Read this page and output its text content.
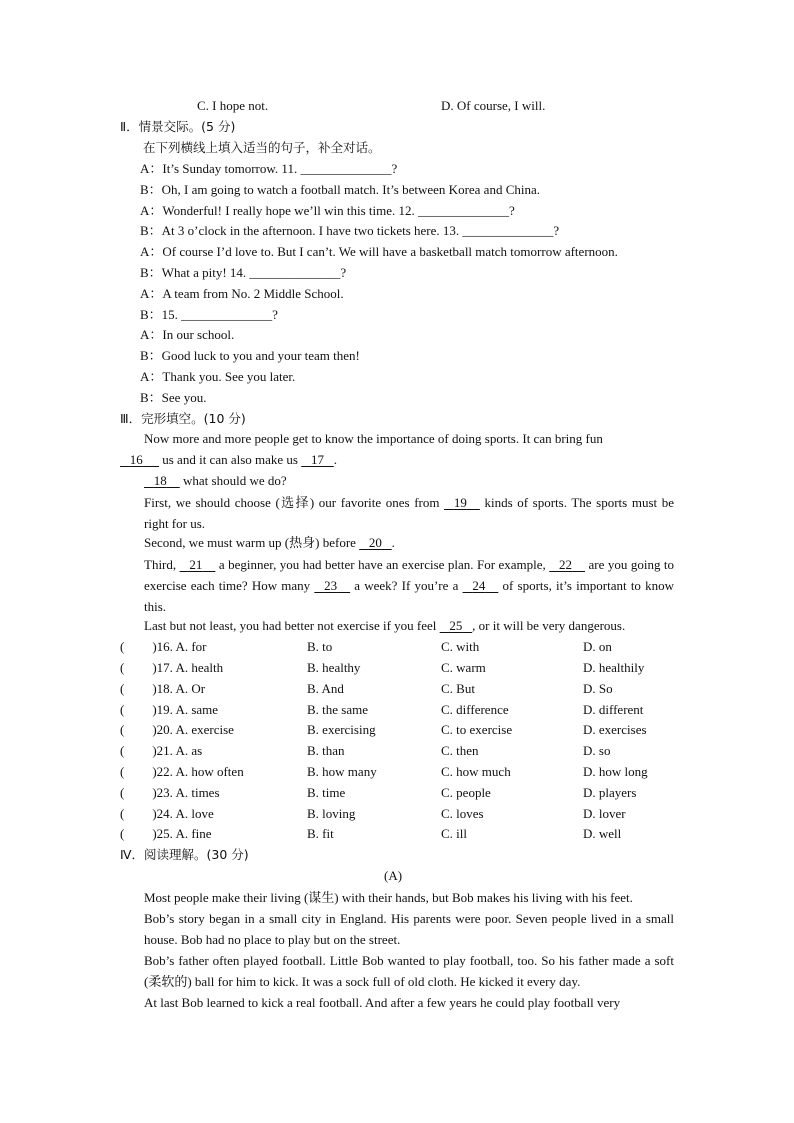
C. I hope not.	D. Of course, I will.
Ⅱ．情景交际。(5 分)
在下列横线上填入适当的句子，补全对话。
A：It’s Sunday tomorrow. 11. ______________?
B：Oh, I am going to watch a football match. It’s between Korea and China.
A：Wonderful! I really hope we’ll win this time. 12. ______________?
B：At 3 o’clock in the afternoon. I have two tickets here. 13. ______________?
A：Of course I’d love to. But I can’t. We will have a basketball match tomorrow afternoon.
B：What a pity! 14. ______________?
A：A team from No. 2 Middle School.
B：15. ______________?
A：In our school.
B：Good luck to you and your team then!
A：Thank you. See you later.
B：See you.
Ⅲ．完形填空。(10 分)
Now more and more people get to know the importance of doing sports. It can bring fun
16 us and it can also make us 17 .
18 what should we do?
First, we should choose (选择) our favorite ones from 19 kinds of sports. The sports must be right for us.
Second, we must warm up (热身) before 20 .
Third, 21 a beginner, you had better have an exercise plan. For example, 22 are you going to exercise each time? How many 23 a week? If you’re a 24 of sports, it’s important to know this.
Last but not least, you had better not exercise if you feel 25 , or it will be very dangerous.
( )16. A. for	B. to	C. with	D. on
( )17. A. health	B. healthy	C. warm	D. healthily
( )18. A. Or	B. And	C. But	D. So
( )19. A. same	B. the same	C. difference	D. different
( )20. A. exercise	B. exercising	C. to exercise	D. exercises
( )21. A. as	B. than	C. then	D. so
( )22. A. how often	B. how many	C. how much	D. how long
( )23. A. times	B. time	C. people	D. players
( )24. A. love	B. loving	C. loves	D. lover
( )25. A. fine	B. fit	C. ill	D. well
Ⅳ．阅读理解。(30 分)
(A)
Most people make their living (谋生) with their hands, but Bob makes his living with his feet.
Bob’s story began in a small city in England. His parents were poor. Seven people lived in a small house. Bob had no place to play but on the street.
Bob’s father often played football. Little Bob wanted to play football, too. So his father made a soft (柔软的) ball for him to kick. It was a sock full of old cloth. He kicked it every day.
At last Bob learned to kick a real football. And after a few years he could play football very
